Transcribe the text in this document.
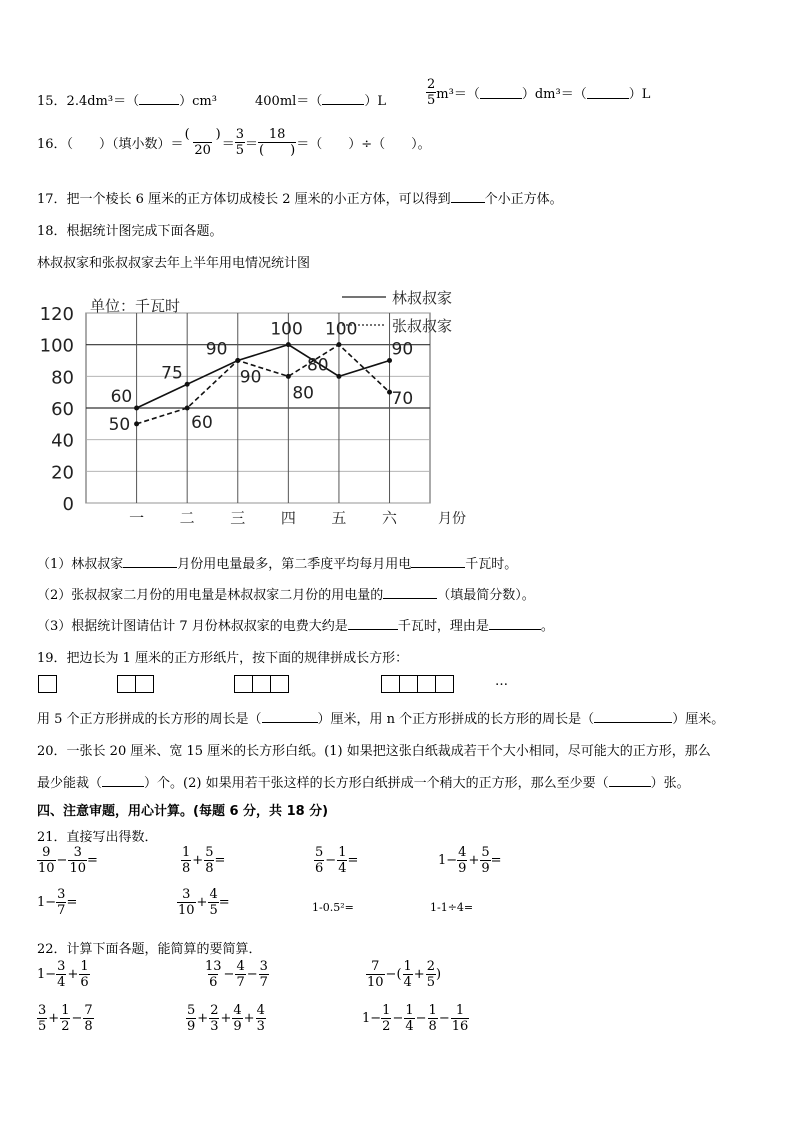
15．2.4dm³＝（	）cm³	400ml＝（	）L	$\frac{2}{5} m^3=$（	）dm³＝（	）L
16．（ ）（填小数）＝ $\frac{( )}{20} = \frac{3}{5} = \frac{18}{( )}$ ＝（　　）÷（　　）。
17．把一个棱长 6 厘米的正方体切成棱长 2 厘米的小正方体，可以得到	个小正方体。
18．根据统计图完成下面各题。
林叔叔家和张叔叔家去年上半年用电情况统计图
0
20
40
60
80
100
120
一 二 三 四 五 六	月份
单位：千瓦时	林叔叔家
张叔叔家
60
75
90
100
80
90
50	60
90
80
100
70
（1）林叔叔家	月份用电量最多，第二季度平均每月用电	千瓦时。
（2）张叔叔家二月份的用电量是林叔叔家二月份的用电量的	（填最简分数）。
（3）根据统计图请估计 7 月份林叔叔家的电费大约是	千瓦时，理由是	。
19．把边长为 1 厘米的正方形纸片，按下面的规律拼成长方形：
…
用 5 个正方形拼成的长方形的周长是（	）厘米，用 n 个正方形拼成的长方形的周长是（	）厘米。
20．一张长 20 厘米、宽 15 厘米的长方形白纸。(1) 如果把这张白纸裁成若干个大小相同，尽可能大的正方形，那么
最少能裁（	）个。(2) 如果用若干张这样的长方形白纸拼成一个稍大的正方形，那么至少要（	）张。
四、注意审题，用心计算。(每题 6 分，共 18 分)
21．直接写出得数．
$\frac{9}{10} - \frac{3}{10}$ =	$\frac{1}{8} + \frac{5}{8}$ =	$\frac{5}{6} - \frac{1}{4}$ =	$1- \frac{4}{9} + \frac{5}{9}$ =
$1- \frac{3}{7}$ =	$\frac{3}{10} + \frac{4}{5}$ =	1-0.5²=	1-1÷4=
22．计算下面各题，能简算的要简算．
$1- \frac{3}{4} + \frac{1}{6}$	$\frac{13}{6} - \frac{4}{7} - \frac{3}{7}$	$\frac{7}{10}$ −( $\frac{1}{4} + \frac{2}{5}$ )
$\frac{3}{5} + \frac{1}{2} - \frac{7}{8}$	$\frac{5}{9} + \frac{2}{3} + \frac{4}{9} + \frac{4}{3}$	$1- \frac{1}{2} - \frac{1}{4} - \frac{1}{8} - \frac{1}{16}$
